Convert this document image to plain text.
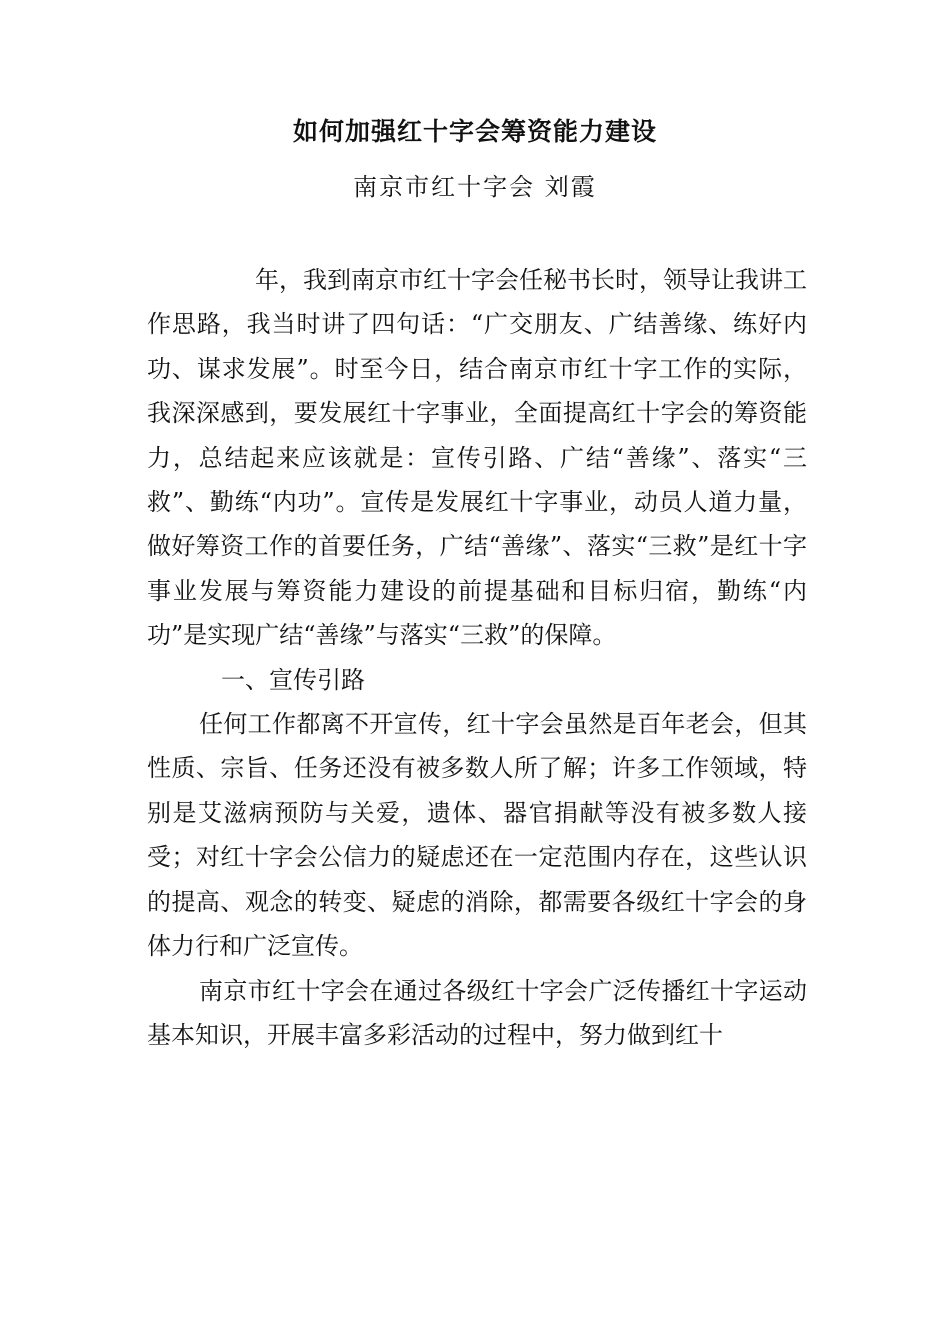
如何加强红十字会筹资能力建设
南京市红十字会 刘霞

年，我到南京市红十字会任秘书长时，领导让我讲工作思路，我当时讲了四句话：“广交朋友、广结善缘、练好内功、谋求发展”。时至今日，结合南京市红十字工作的实际，我深深感到，要发展红十字事业，全面提高红十字会的筹资能力，总结起来应该就是：宣传引路、广结“善缘”、落实“三救”、勤练“内功”。宣传是发展红十字事业，动员人道力量，做好筹资工作的首要任务，广结“善缘”、落实“三救”是红十字事业发展与筹资能力建设的前提基础和目标归宿，勤练“内功”是实现广结“善缘”与落实“三救”的保障。

一、宣传引路

任何工作都离不开宣传，红十字会虽然是百年老会，但其性质、宗旨、任务还没有被多数人所了解；许多工作领域，特别是艾滋病预防与关爱，遗体、器官捐献等没有被多数人接受；对红十字会公信力的疑虑还在一定范围内存在，这些认识的提高、观念的转变、疑虑的消除，都需要各级红十字会的身体力行和广泛宣传。

南京市红十字会在通过各级红十字会广泛传播红十字运动基本知识，开展丰富多彩活动的过程中，努力做到红十
